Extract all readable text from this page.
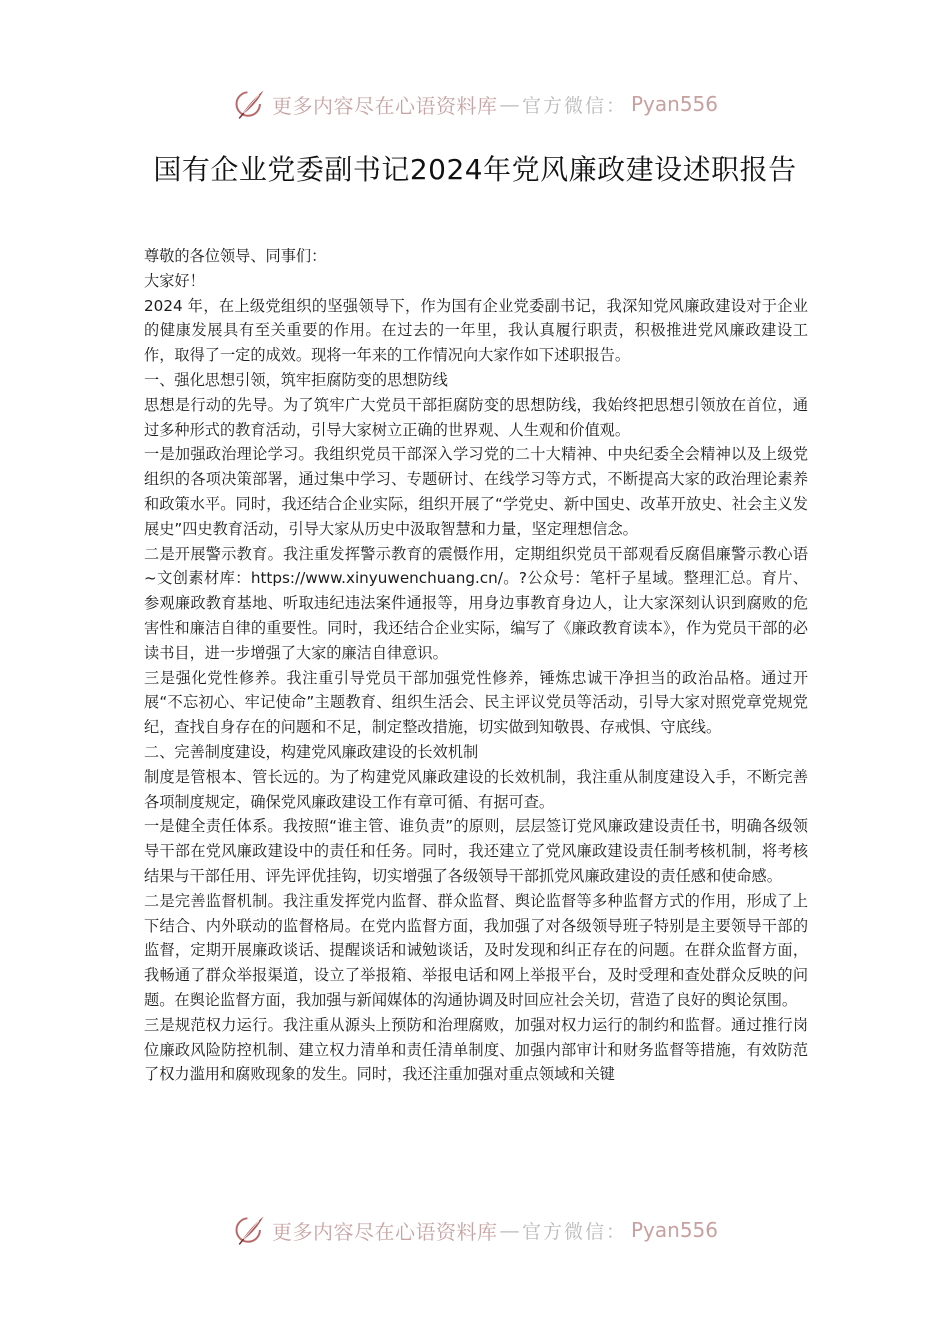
更多内容尽在心语资料库 — 官方微信： Pyan556
国有企业党委副书记2024年党风廉政建设述职报告

尊敬的各位领导、同事们：

大家好！

2024 年，在上级党组织的坚强领导下，作为国有企业党委副书记，我深知党风廉政建设对于企业的健康发展具有至关重要的作用。在过去的一年里，我认真履行职责，积极推进党风廉政建设工作，取得了一定的成效。现将一年来的工作情况向大家作如下述职报告。

一、强化思想引领，筑牢拒腐防变的思想防线

思想是行动的先导。为了筑牢广大党员干部拒腐防变的思想防线，我始终把思想引领放在首位，通过多种形式的教育活动，引导大家树立正确的世界观、人生观和价值观。

一是加强政治理论学习。我组织党员干部深入学习党的二十大精神、中央纪委全会精神以及上级党组织的各项决策部署，通过集中学习、专题研讨、在线学习等方式，不断提高大家的政治理论素养和政策水平。同时，我还结合企业实际，组织开展了“学党史、新中国史、改革开放史、社会主义发展史”四史教育活动，引导大家从历史中汲取智慧和力量，坚定理想信念。

二是开展警示教育。我注重发挥警示教育的震慑作用，定期组织党员干部观看反腐倡廉警示教心语~文创素材库：https://www.xinyuwenchuang.cn/。?公众号：笔杆子星域。整理汇总。育片、参观廉政教育基地、听取违纪违法案件通报等，用身边事教育身边人，让大家深刻认识到腐败的危害性和廉洁自律的重要性。同时，我还结合企业实际，编写了《廉政教育读本》，作为党员干部的必读书目，进一步增强了大家的廉洁自律意识。

三是强化党性修养。我注重引导党员干部加强党性修养，锤炼忠诚干净担当的政治品格。通过开展“不忘初心、牢记使命”主题教育、组织生活会、民主评议党员等活动，引导大家对照党章党规党纪，查找自身存在的问题和不足，制定整改措施，切实做到知敬畏、存戒惧、守底线。

二、完善制度建设，构建党风廉政建设的长效机制

制度是管根本、管长远的。为了构建党风廉政建设的长效机制，我注重从制度建设入手，不断完善各项制度规定，确保党风廉政建设工作有章可循、有据可查。

一是健全责任体系。我按照“谁主管、谁负责”的原则，层层签订党风廉政建设责任书，明确各级领导干部在党风廉政建设中的责任和任务。同时，我还建立了党风廉政建设责任制考核机制，将考核结果与干部任用、评先评优挂钩，切实增强了各级领导干部抓党风廉政建设的责任感和使命感。

二是完善监督机制。我注重发挥党内监督、群众监督、舆论监督等多种监督方式的作用，形成了上下结合、内外联动的监督格局。在党内监督方面，我加强了对各级领导班子特别是主要领导干部的监督，定期开展廉政谈话、提醒谈话和诫勉谈话，及时发现和纠正存在的问题。在群众监督方面，我畅通了群众举报渠道，设立了举报箱、举报电话和网上举报平台，及时受理和查处群众反映的问题。在舆论监督方面，我加强与新闻媒体的沟通协调及时回应社会关切，营造了良好的舆论氛围。

三是规范权力运行。我注重从源头上预防和治理腐败，加强对权力运行的制约和监督。通过推行岗位廉政风险防控机制、建立权力清单和责任清单制度、加强内部审计和财务监督等措施，有效防范了权力滥用和腐败现象的发生。同时，我还注重加强对重点领域和关键

更多内容尽在心语资料库 — 官方微信： Pyan556
